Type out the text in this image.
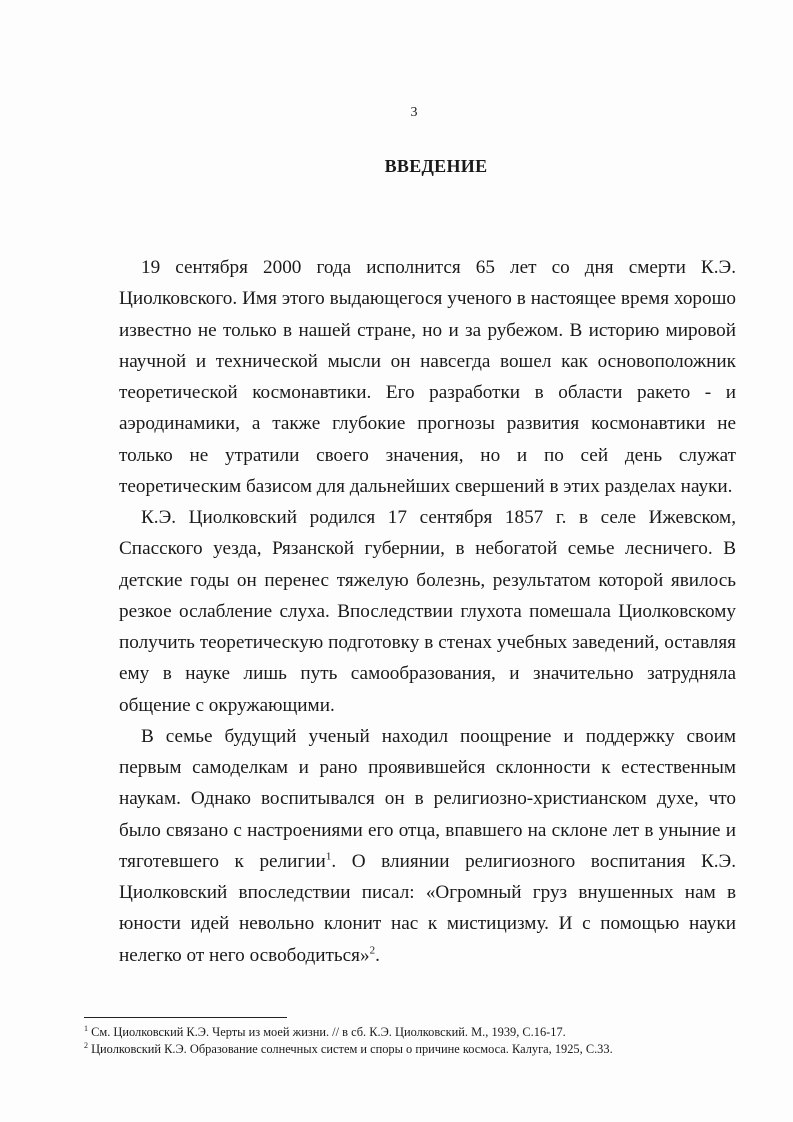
3
ВВЕДЕНИЕ

19 сентября 2000 года исполнится 65 лет со дня смерти К.Э. Циолковского. Имя этого выдающегося ученого в настоящее время хорошо известно не только в нашей стране, но и за рубежом. В историю мировой научной и технической мысли он навсегда вошел как основоположник теоретической космонавтики. Его разработки в области ракето - и аэродинамики, а также глубокие прогнозы развития космонавтики не только не утратили своего значения, но и по сей день служат теоретическим базисом для дальнейших свершений в этих разделах науки.

К.Э. Циолковский родился 17 сентября 1857 г. в селе Ижевском, Спасского уезда, Рязанской губернии, в небогатой семье лесничего. В детские годы он перенес тяжелую болезнь, результатом которой явилось резкое ослабление слуха. Впоследствии глухота помешала Циолковскому получить теоретическую подготовку в стенах учебных заведений, оставляя ему в науке лишь путь самообразования, и значительно затрудняла общение с окружающими.

В семье будущий ученый находил поощрение и поддержку своим первым самоделкам и рано проявившейся склонности к естественным наукам. Однако воспитывался он в религиозно-христианском духе, что было связано с настроениями его отца, впавшего на склоне лет в уныние и тяготевшего к религии$^1$. О влиянии религиозного воспитания К.Э. Циолковский впоследствии писал: «Огромный груз внушенных нам в юности идей невольно клонит нас к мистицизму. И с помощью науки нелегко от него освободиться»$^2$.

$^1$ См. Циолковский К.Э. Черты из моей жизни. // в сб. К.Э. Циолковский. М., 1939, С.16-17.

$^2$ Циолковский К.Э. Образование солнечных систем и споры о причине космоса. Калуга, 1925, С.33.
